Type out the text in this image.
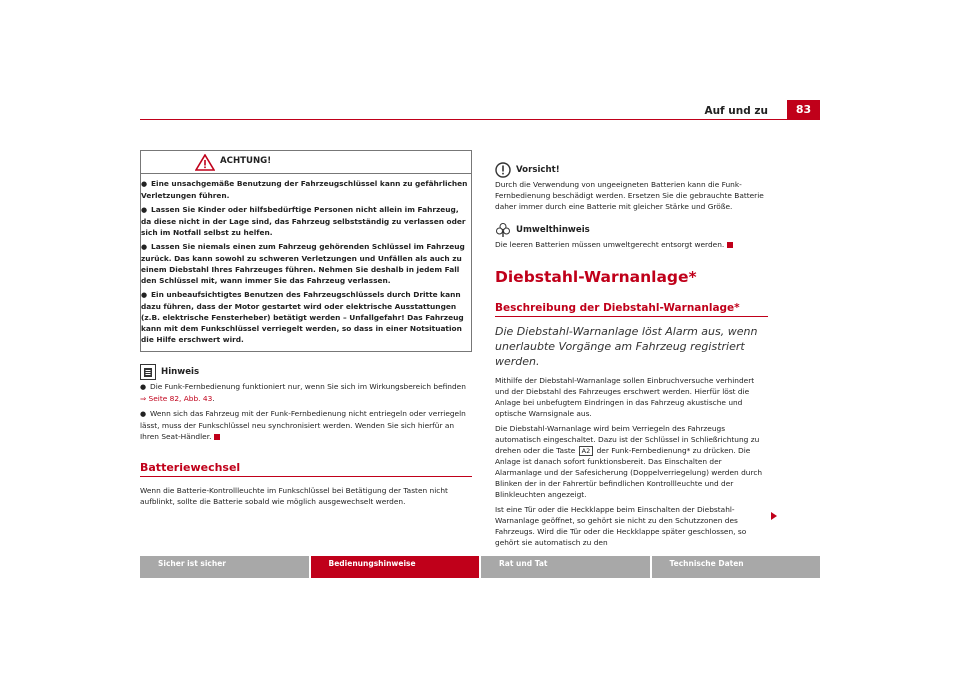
Auf und zu	83
ACHTUNG!
● Eine unsachgemäße Benutzung der Fahrzeugschlüssel kann zu gefährlichen Verletzungen führen.
● Lassen Sie Kinder oder hilfsbedürftige Personen nicht allein im Fahrzeug, da diese nicht in der Lage sind, das Fahrzeug selbstständig zu verlassen oder sich im Notfall selbst zu helfen.
● Lassen Sie niemals einen zum Fahrzeug gehörenden Schlüssel im Fahrzeug zurück. Das kann sowohl zu schweren Verletzungen und Unfällen als auch zu einem Diebstahl Ihres Fahrzeuges führen. Nehmen Sie deshalb in jedem Fall den Schlüssel mit, wann immer Sie das Fahrzeug verlassen.
● Ein unbeaufsichtigtes Benutzen des Fahrzeugschlüssels durch Dritte kann dazu führen, dass der Motor gestartet wird oder elektrische Ausstattungen (z.B. elektrische Fensterheber) betätigt werden – Unfallgefahr! Das Fahrzeug kann mit dem Funkschlüssel verriegelt werden, so dass in einer Notsituation die Hilfe erschwert wird.
Hinweis

● Die Funk-Fernbedienung funktioniert nur, wenn Sie sich im Wirkungsbereich befinden ⇒ Seite 82, Abb. 43.

● Wenn sich das Fahrzeug mit der Funk-Fernbedienung nicht entriegeln oder verriegeln lässt, muss der Funkschlüssel neu synchronisiert werden. Wenden Sie sich hierfür an Ihren Seat-Händler.

Batteriewechsel

Wenn die Batterie-Kontrollleuchte im Funkschlüssel bei Betätigung der Tasten nicht aufblinkt, sollte die Batterie sobald wie möglich ausgewechselt werden.

Vorsicht!

Durch die Verwendung von ungeeigneten Batterien kann die Funk-Fernbedienung beschädigt werden. Ersetzen Sie die gebrauchte Batterie daher immer durch eine Batterie mit gleicher Stärke und Größe.

Umwelthinweis

Die leeren Batterien müssen umweltgerecht entsorgt werden.

Diebstahl-Warnanlage*
Beschreibung der Diebstahl-Warnanlage*
Die Diebstahl-Warnanlage löst Alarm aus, wenn unerlaubte Vorgänge am Fahrzeug registriert werden.

Mithilfe der Diebstahl-Warnanlage sollen Einbruchversuche verhindert und der Diebstahl des Fahrzeuges erschwert werden. Hierfür löst die Anlage bei unbefugtem Eindringen in das Fahrzeug akustische und optische Warnsignale aus.

Die Diebstahl-Warnanlage wird beim Verriegeln des Fahrzeugs automatisch eingeschaltet. Dazu ist der Schlüssel in Schließrichtung zu drehen oder die Taste A2 der Funk-Fernbedienung* zu drücken. Die Anlage ist danach sofort funktionsbereit. Das Einschalten der Alarmanlage und der Safesicherung (Doppelverriegelung) werden durch Blinken der in der Fahrertür befindlichen Kontrollleuchte und der Blinkleuchten angezeigt.

Ist eine Tür oder die Heckklappe beim Einschalten der Diebstahl-Warnanlage geöffnet, so gehört sie nicht zu den Schutzzonen des Fahrzeugs. Wird die Tür oder die Heckklappe später geschlossen, so gehört sie automatisch zu den

Sicher ist sicher	Bedienungshinweise	Rat und Tat	Technische Daten
